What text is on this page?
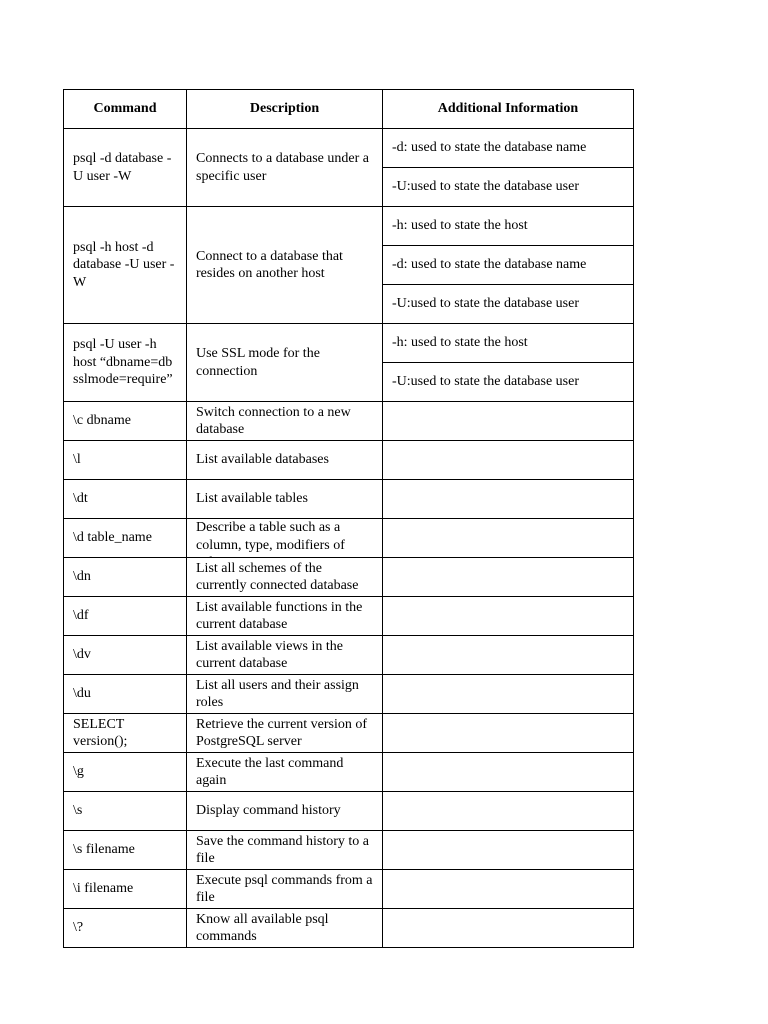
Command	Description	Additional Information
psql -d database -U user -W	Connects to a database under a specific user	-d: used to state the database name
		-U:used to state the database user
psql -h host -d database -U user -W	Connect to a database that resides on another host	-h: used to state the host
		-d: used to state the database name
		-U:used to state the database user
psql -U user -h host “dbname=db sslmode=require”	Use SSL mode for the connection	-h: used to state the host
		-U:used to state the database user
\c dbname	Switch connection to a new database	

\l	List available databases	

\dt	List available tables	

\d table_name	Describe a table such as a column, type, modifiers of	

\dn	List all schemes of the currently connected database	

\df	List available functions in the current database	

\dv	List available views in the current database	

\du	List all users and their assign roles	

SELECT version();	Retrieve the current version of PostgreSQL server	

\g	Execute the last command again	

\s	Display command history	

\s filename	Save the command history to a file	

\i filename	Execute psql commands from a file	

\?	Know all available psql commands	
